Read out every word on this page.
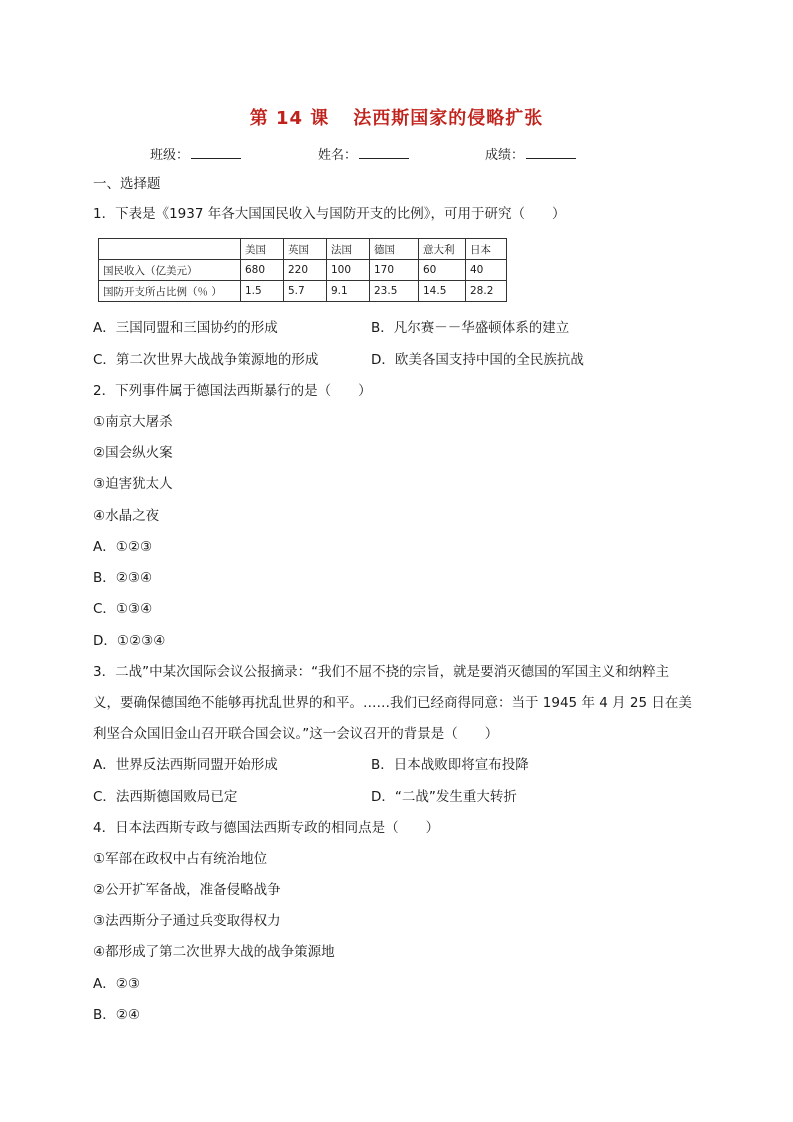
第 14 课 法西斯国家的侵略扩张
班级：	姓名：	成绩：
一、选择题
1．下表是《1937 年各大国国民收入与国防开支的比例》，可用于研究（　　）
	美国	英国	法国	德国	意大利	日本
国民收入（亿美元）	680	220	100	170	60	40
国防开支所占比例（％ ）	1.5	5.7	9.1	23.5	14.5	28.2
A．三国同盟和三国协约的形成	B．凡尔赛－－华盛顿体系的建立
C．第二次世界大战战争策源地的形成	D．欧美各国支持中国的全民族抗战
2．下列事件属于德国法西斯暴行的是（　　）
①南京大屠杀
②国会纵火案
③迫害犹太人
④水晶之夜
A．①②③
B．②③④
C．①③④
D．①②③④
3．二战”中某次国际会议公报摘录：“我们不屈不挠的宗旨，就是要消灭德国的军国主义和纳粹主
义，要确保德国绝不能够再扰乱世界的和平。……我们已经商得同意：当于 1945 年 4 月 25 日在美
利坚合众国旧金山召开联合国会议。”这一会议召开的背景是（　　）
A．世界反法西斯同盟开始形成	B．日本战败即将宣布投降
C．法西斯德国败局已定	D．“二战”发生重大转折
4．日本法西斯专政与德国法西斯专政的相同点是（　　）
①军部在政权中占有统治地位
②公开扩军备战，准备侵略战争
③法西斯分子通过兵变取得权力
④都形成了第二次世界大战的战争策源地
A．②③
B．②④
